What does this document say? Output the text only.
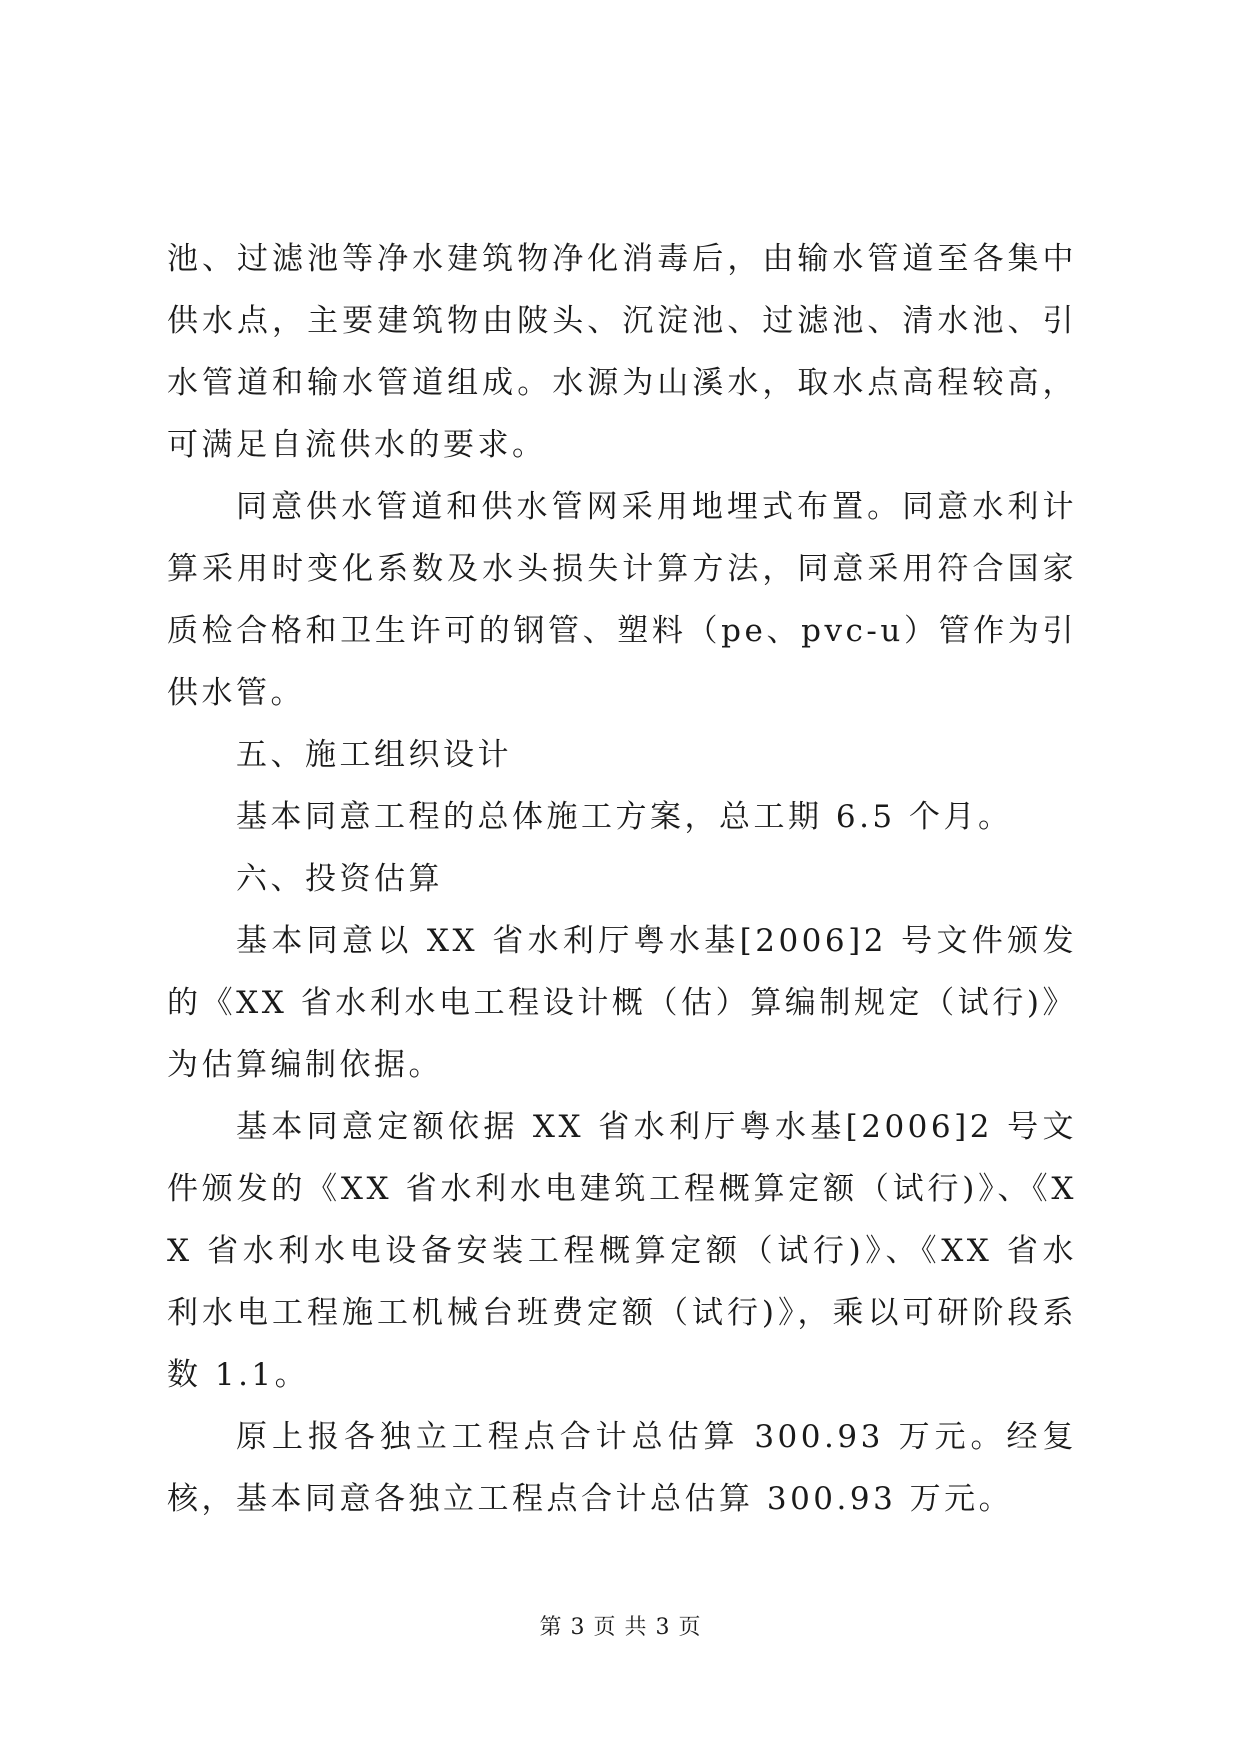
池、过滤池等净水建筑物净化消毒后，由输水管道至各集中供水点，主要建筑物由陂头、沉淀池、过滤池、清水池、引水管道和输水管道组成。水源为山溪水，取水点高程较高，可满足自流供水的要求。

同意供水管道和供水管网采用地埋式布置。同意水利计算采用时变化系数及水头损失计算方法，同意采用符合国家质检合格和卫生许可的钢管、塑料（pe、pvc-u）管作为引供水管。

五、施工组织设计

基本同意工程的总体施工方案，总工期 6.5 个月。

六、投资估算

基本同意以 XX 省水利厅粤水基[2006]2 号文件颁发的《XX 省水利水电工程设计概（估）算编制规定（试行)》为估算编制依据。

基本同意定额依据 XX 省水利厅粤水基[2006]2 号文件颁发的《XX 省水利水电建筑工程概算定额（试行)》、《XX 省水利水电设备安装工程概算定额（试行)》、《XX 省水利水电工程施工机械台班费定额（试行)》，乘以可研阶段系数 1.1。

原上报各独立工程点合计总估算 300.93 万元。经复核，基本同意各独立工程点合计总估算 300.93 万元。

第 3 页 共 3 页
